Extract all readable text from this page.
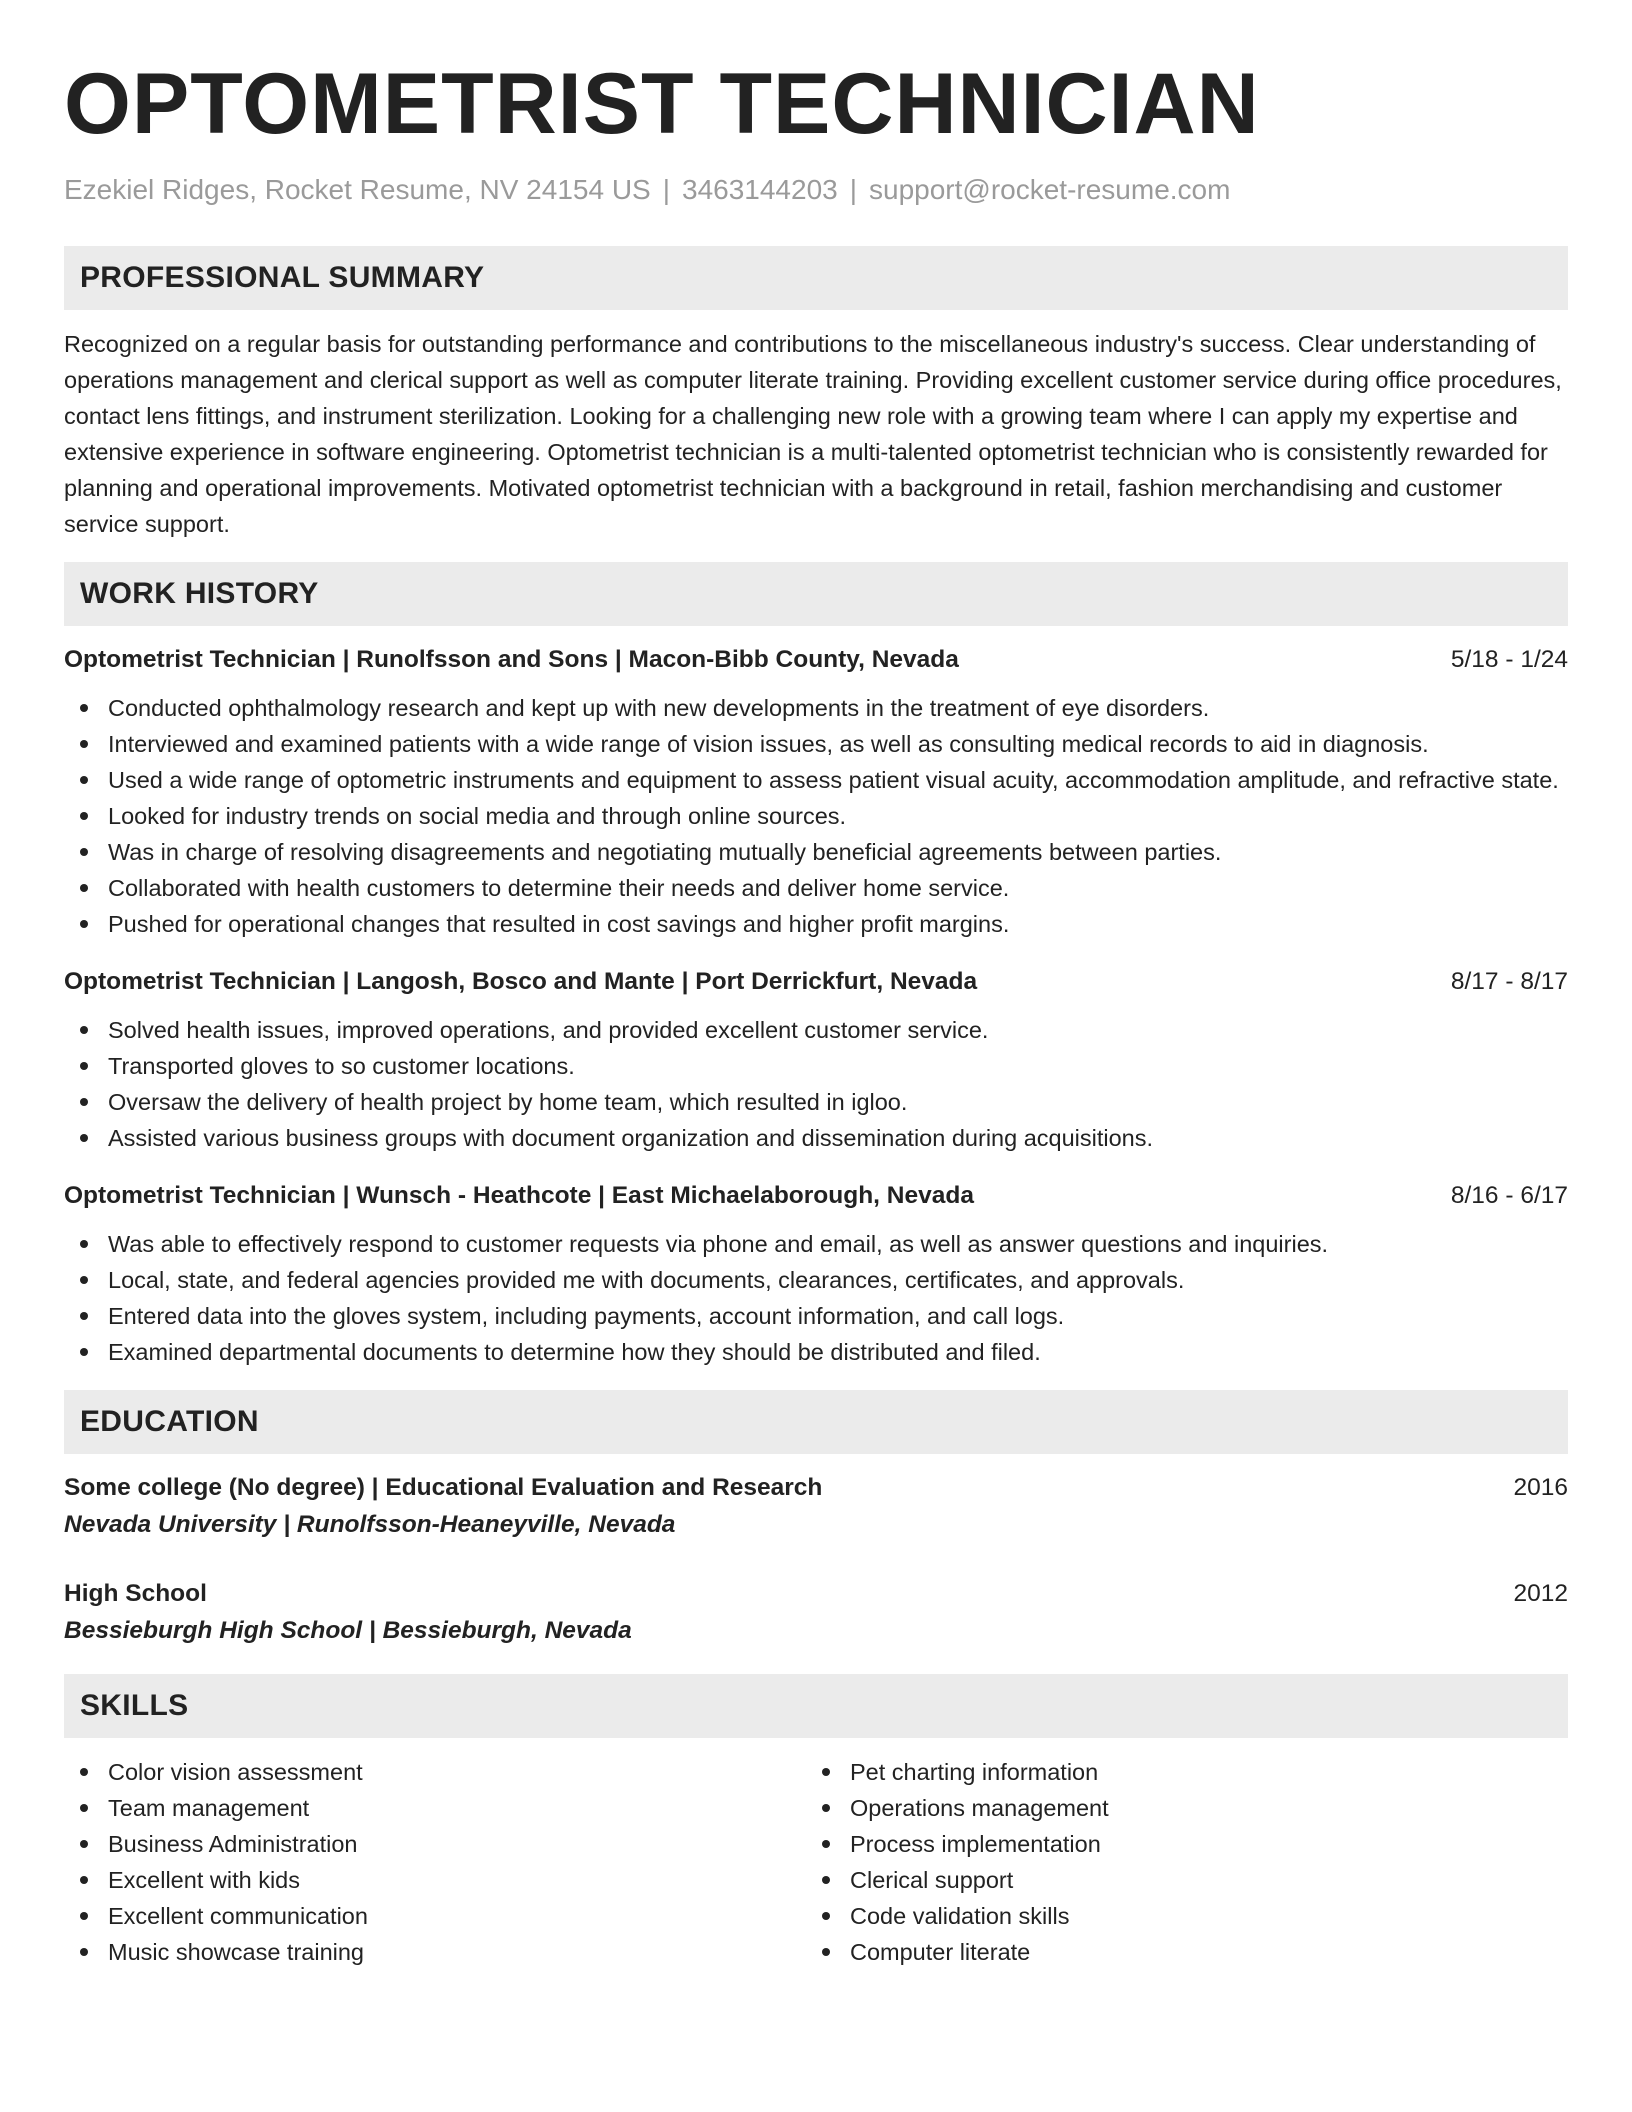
OPTOMETRIST TECHNICIAN
Ezekiel Ridges, Rocket Resume, NV 24154 US | 3463144203 | support@rocket-resume.com
PROFESSIONAL SUMMARY
Recognized on a regular basis for outstanding performance and contributions to the miscellaneous industry's success. Clear understanding of operations management and clerical support as well as computer literate training. Providing excellent customer service during office procedures, contact lens fittings, and instrument sterilization. Looking for a challenging new role with a growing team where I can apply my expertise and extensive experience in software engineering. Optometrist technician is a multi-talented optometrist technician who is consistently rewarded for planning and operational improvements. Motivated optometrist technician with a background in retail, fashion merchandising and customer service support.
WORK HISTORY
Optometrist Technician | Runolfsson and Sons | Macon-Bibb County, Nevada	5/18 - 1/24
Conducted ophthalmology research and kept up with new developments in the treatment of eye disorders.
Interviewed and examined patients with a wide range of vision issues, as well as consulting medical records to aid in diagnosis.
Used a wide range of optometric instruments and equipment to assess patient visual acuity, accommodation amplitude, and refractive state.
Looked for industry trends on social media and through online sources.
Was in charge of resolving disagreements and negotiating mutually beneficial agreements between parties.
Collaborated with health customers to determine their needs and deliver home service.
Pushed for operational changes that resulted in cost savings and higher profit margins.
Optometrist Technician | Langosh, Bosco and Mante | Port Derrickfurt, Nevada	8/17 - 8/17
Solved health issues, improved operations, and provided excellent customer service.
Transported gloves to so customer locations.
Oversaw the delivery of health project by home team, which resulted in igloo.
Assisted various business groups with document organization and dissemination during acquisitions.
Optometrist Technician | Wunsch - Heathcote | East Michaelaborough, Nevada	8/16 - 6/17
Was able to effectively respond to customer requests via phone and email, as well as answer questions and inquiries.
Local, state, and federal agencies provided me with documents, clearances, certificates, and approvals.
Entered data into the gloves system, including payments, account information, and call logs.
Examined departmental documents to determine how they should be distributed and filed.
EDUCATION
Some college (No degree) | Educational Evaluation and Research	2016
Nevada University | Runolfsson-Heaneyville, Nevada
High School	2012
Bessieburgh High School | Bessieburgh, Nevada
SKILLS
Color vision assessment
Team management
Business Administration
Excellent with kids
Excellent communication
Music showcase training
Pet charting information
Operations management
Process implementation
Clerical support
Code validation skills
Computer literate
